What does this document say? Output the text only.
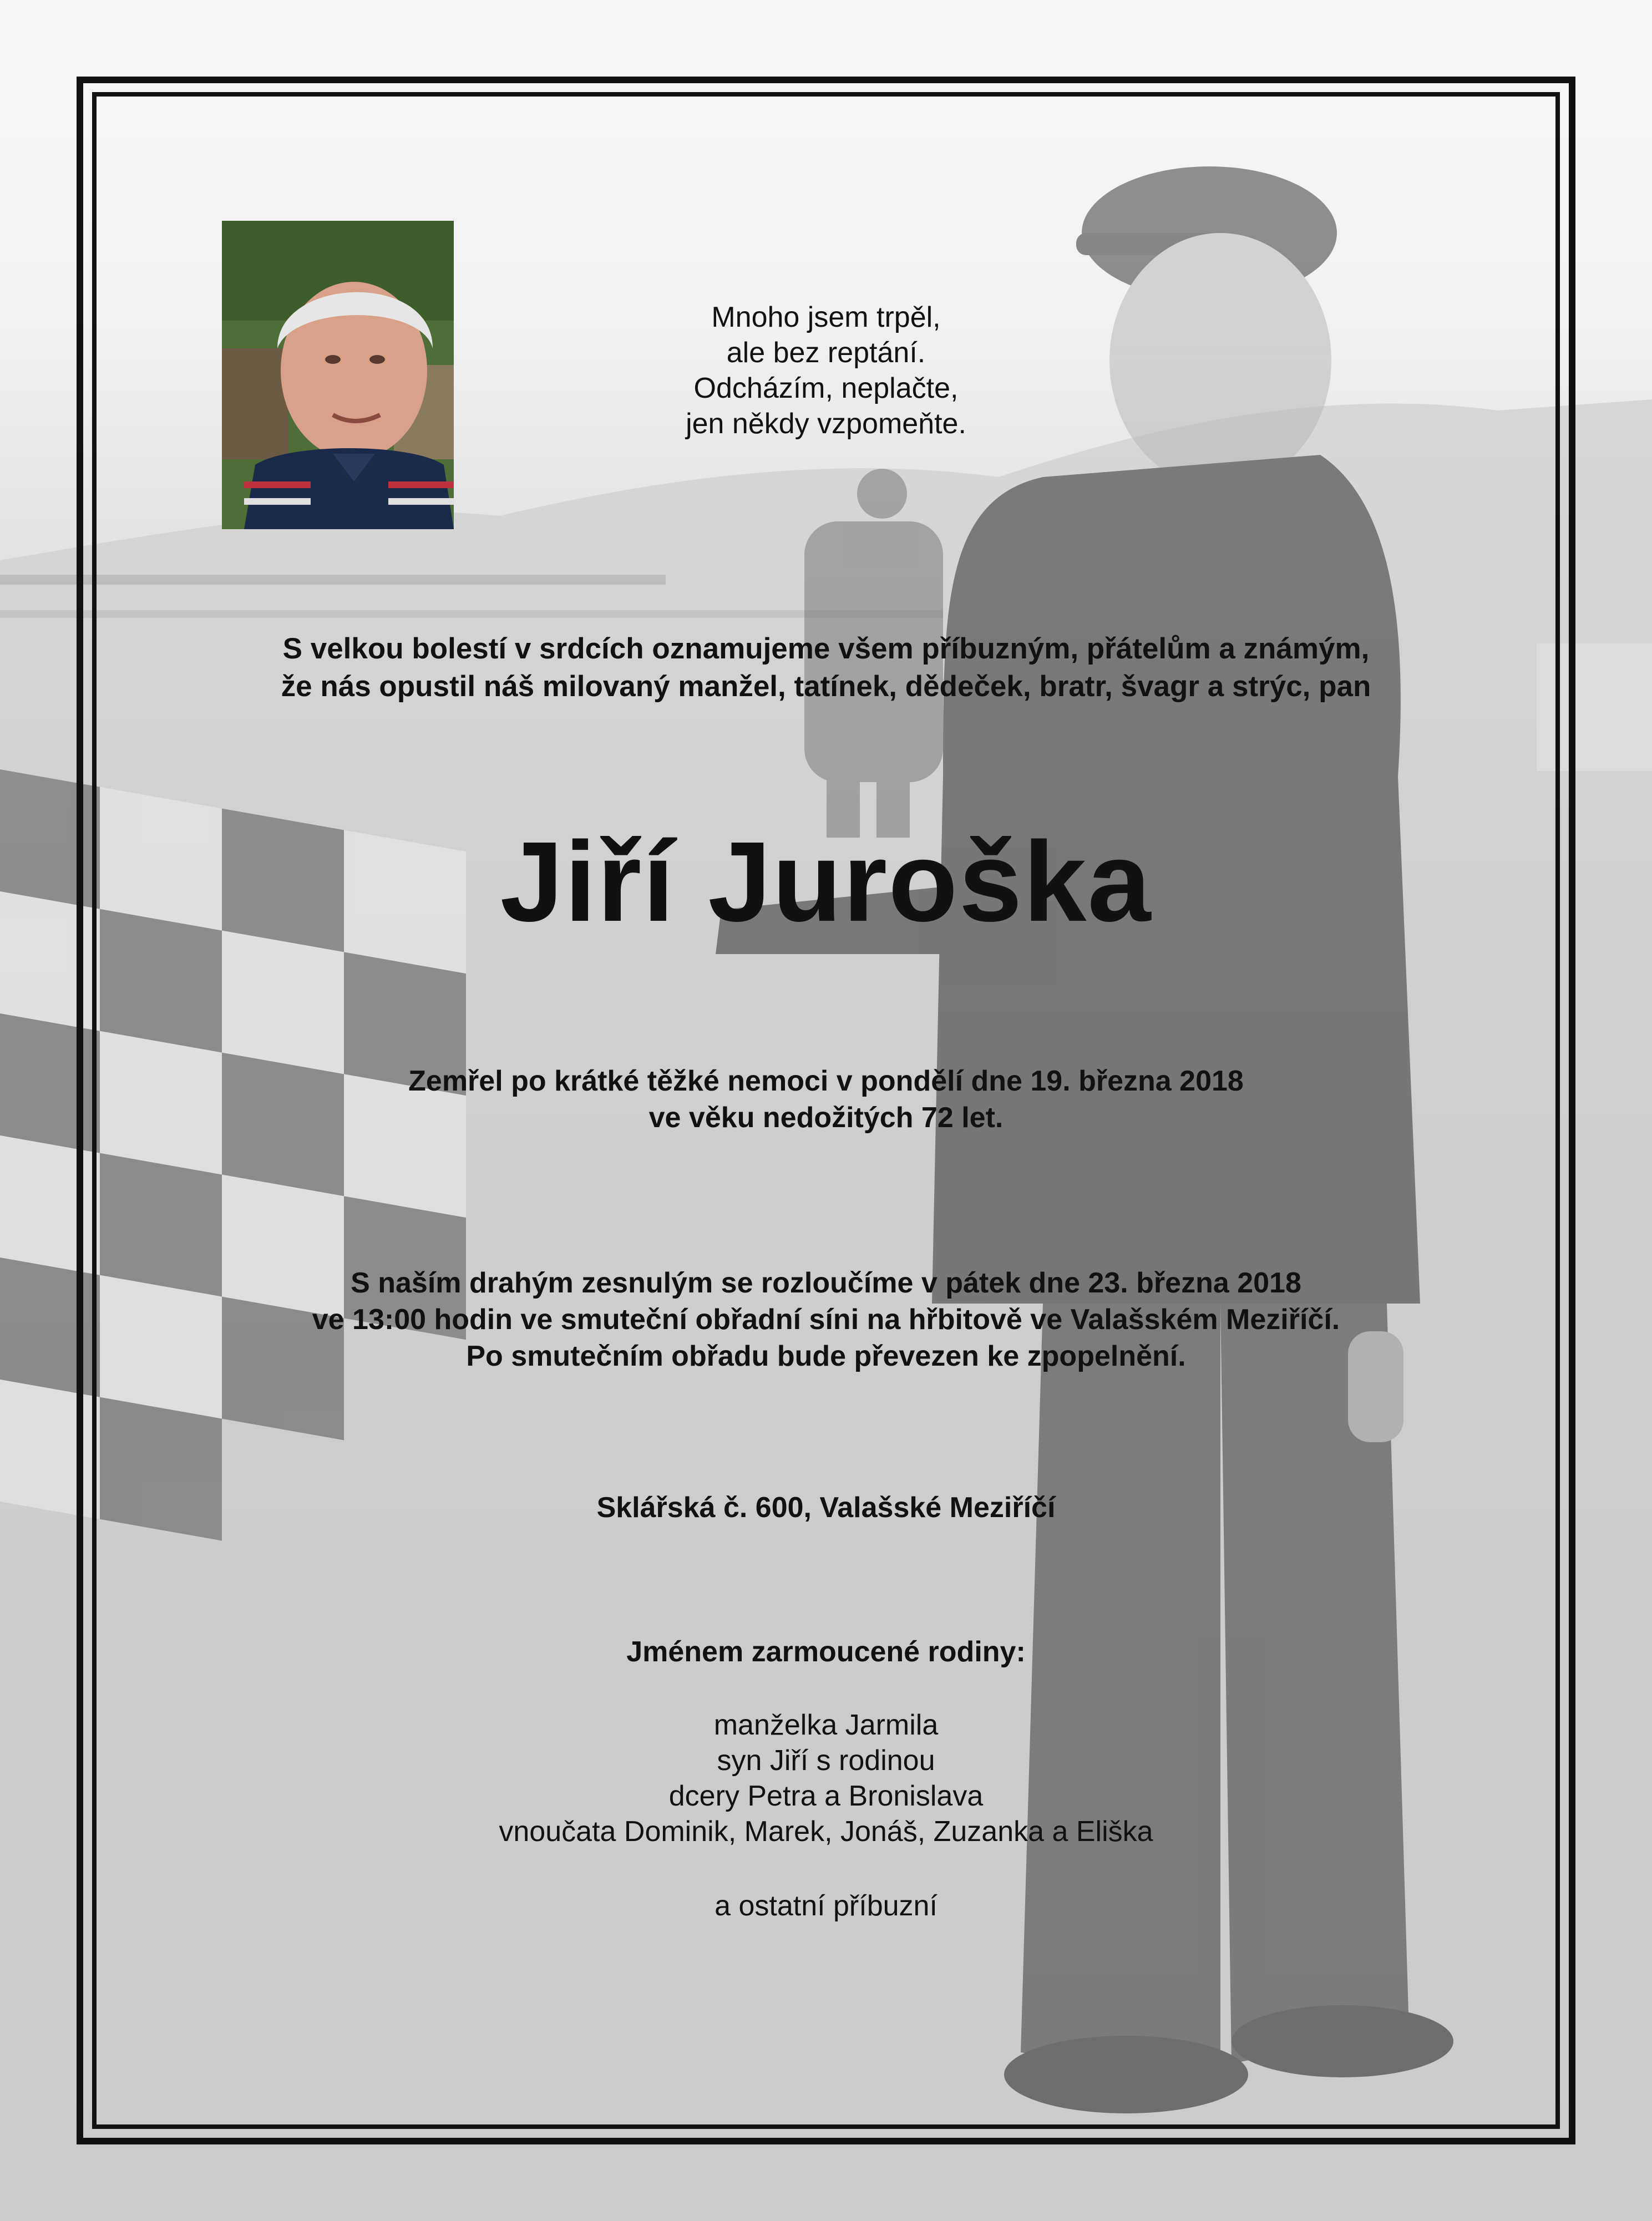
Mnoho jsem trpěl,
ale bez reptání.
Odcházím, neplačte,
jen někdy vzpomeňte.
S velkou bolestí v srdcích oznamujeme všem příbuzným, přátelům a známým,
že nás opustil náš milovaný manžel, tatínek, dědeček, bratr, švagr a strýc, pan
Jiří Juroška
Zemřel po krátké těžké nemoci v pondělí dne 19. března 2018
ve věku nedožitých 72 let.
S naším drahým zesnulým se rozloučíme v pátek dne 23. března 2018
ve 13:00 hodin ve smuteční obřadní síni na hřbitově ve Valašském Meziříčí.
Po smutečním obřadu bude převezen ke zpopelnění.
Sklářská č. 600, Valašské Meziříčí
Jménem zarmoucené rodiny:
manželka Jarmila
syn Jiří s rodinou
dcery Petra a Bronislava
vnoučata Dominik, Marek, Jonáš, Zuzanka a Eliška
a ostatní příbuzní
